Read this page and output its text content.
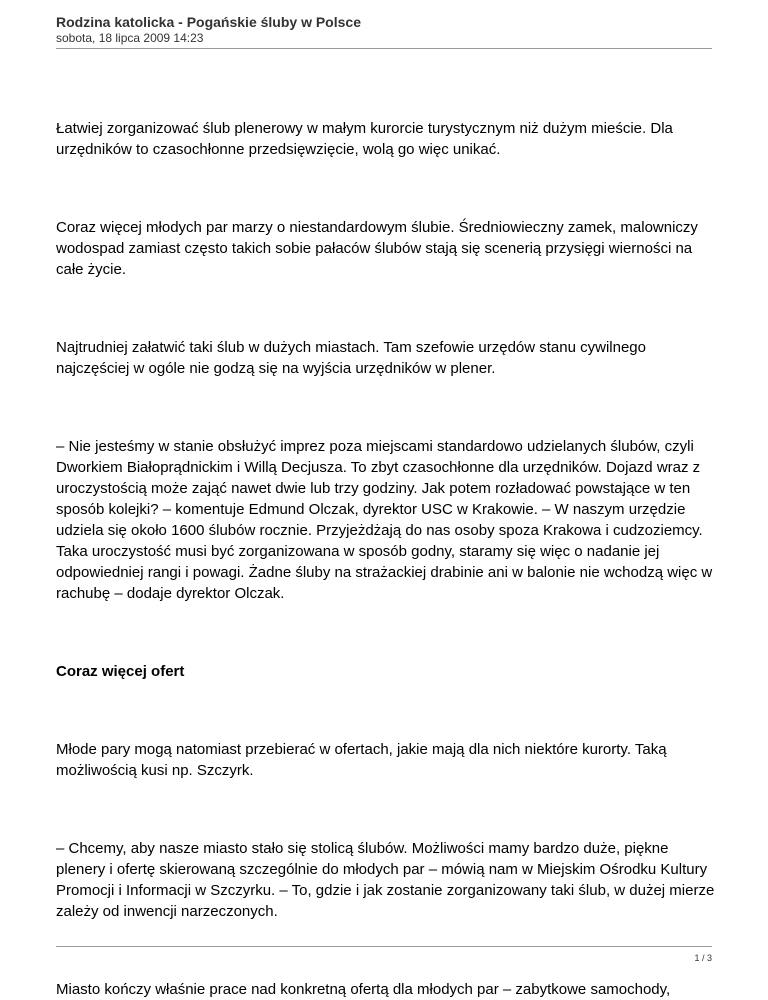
Rodzina katolicka - Pogańskie śluby w Polsce
sobota, 18 lipca 2009 14:23

Łatwiej zorganizować ślub plenerowy w małym kurorcie turystycznym niż dużym mieście. Dla urzędników to czasochłonne przedsięwzięcie, wolą go więc unikać.

Coraz więcej młodych par marzy o niestandardowym ślubie. Średniowieczny zamek, malowniczy wodospad zamiast często takich sobie pałaców ślubów stają się scenerią przysięgi wierności na całe życie.

Najtrudniej załatwić taki ślub w dużych miastach. Tam szefowie urzędów stanu cywilnego najczęściej w ogóle nie godzą się na wyjścia urzędników w plener.

– Nie jesteśmy w stanie obsłużyć imprez poza miejscami standardowo udzielanych ślubów, czyli Dworkiem Białoprądnickim i Willą Decjusza. To zbyt czasochłonne dla urzędników. Dojazd wraz z uroczystością może zająć nawet dwie lub trzy godziny. Jak potem rozładować powstające w ten sposób kolejki? – komentuje Edmund Olczak, dyrektor USC w Krakowie. – W naszym urzędzie udziela się około 1600 ślubów rocznie. Przyjeżdżają do nas osoby spoza Krakowa i cudzoziemcy. Taka uroczystość musi być zorganizowana w sposób godny, staramy się więc o nadanie jej odpowiedniej rangi i powagi. Żadne śluby na strażackiej drabinie ani w balonie nie wchodzą więc w rachubę – dodaje dyrektor Olczak.

Coraz więcej ofert

Młode pary mogą natomiast przebierać w ofertach, jakie mają dla nich niektóre kurorty. Taką możliwością kusi np. Szczyrk.

– Chcemy, aby nasze miasto stało się stolicą ślubów. Możliwości mamy bardzo duże, piękne plenery i ofertę skierowaną szczególnie do młodych par – mówią nam w Miejskim Ośrodku Kultury Promocji i Informacji w Szczyrku. – To, gdzie i jak zostanie zorganizowany taki ślub, w dużej mierze zależy od inwencji narzeczonych.

Miasto kończy właśnie prace nad konkretną ofertą dla młodych par – zabytkowe samochody,

1 / 3
